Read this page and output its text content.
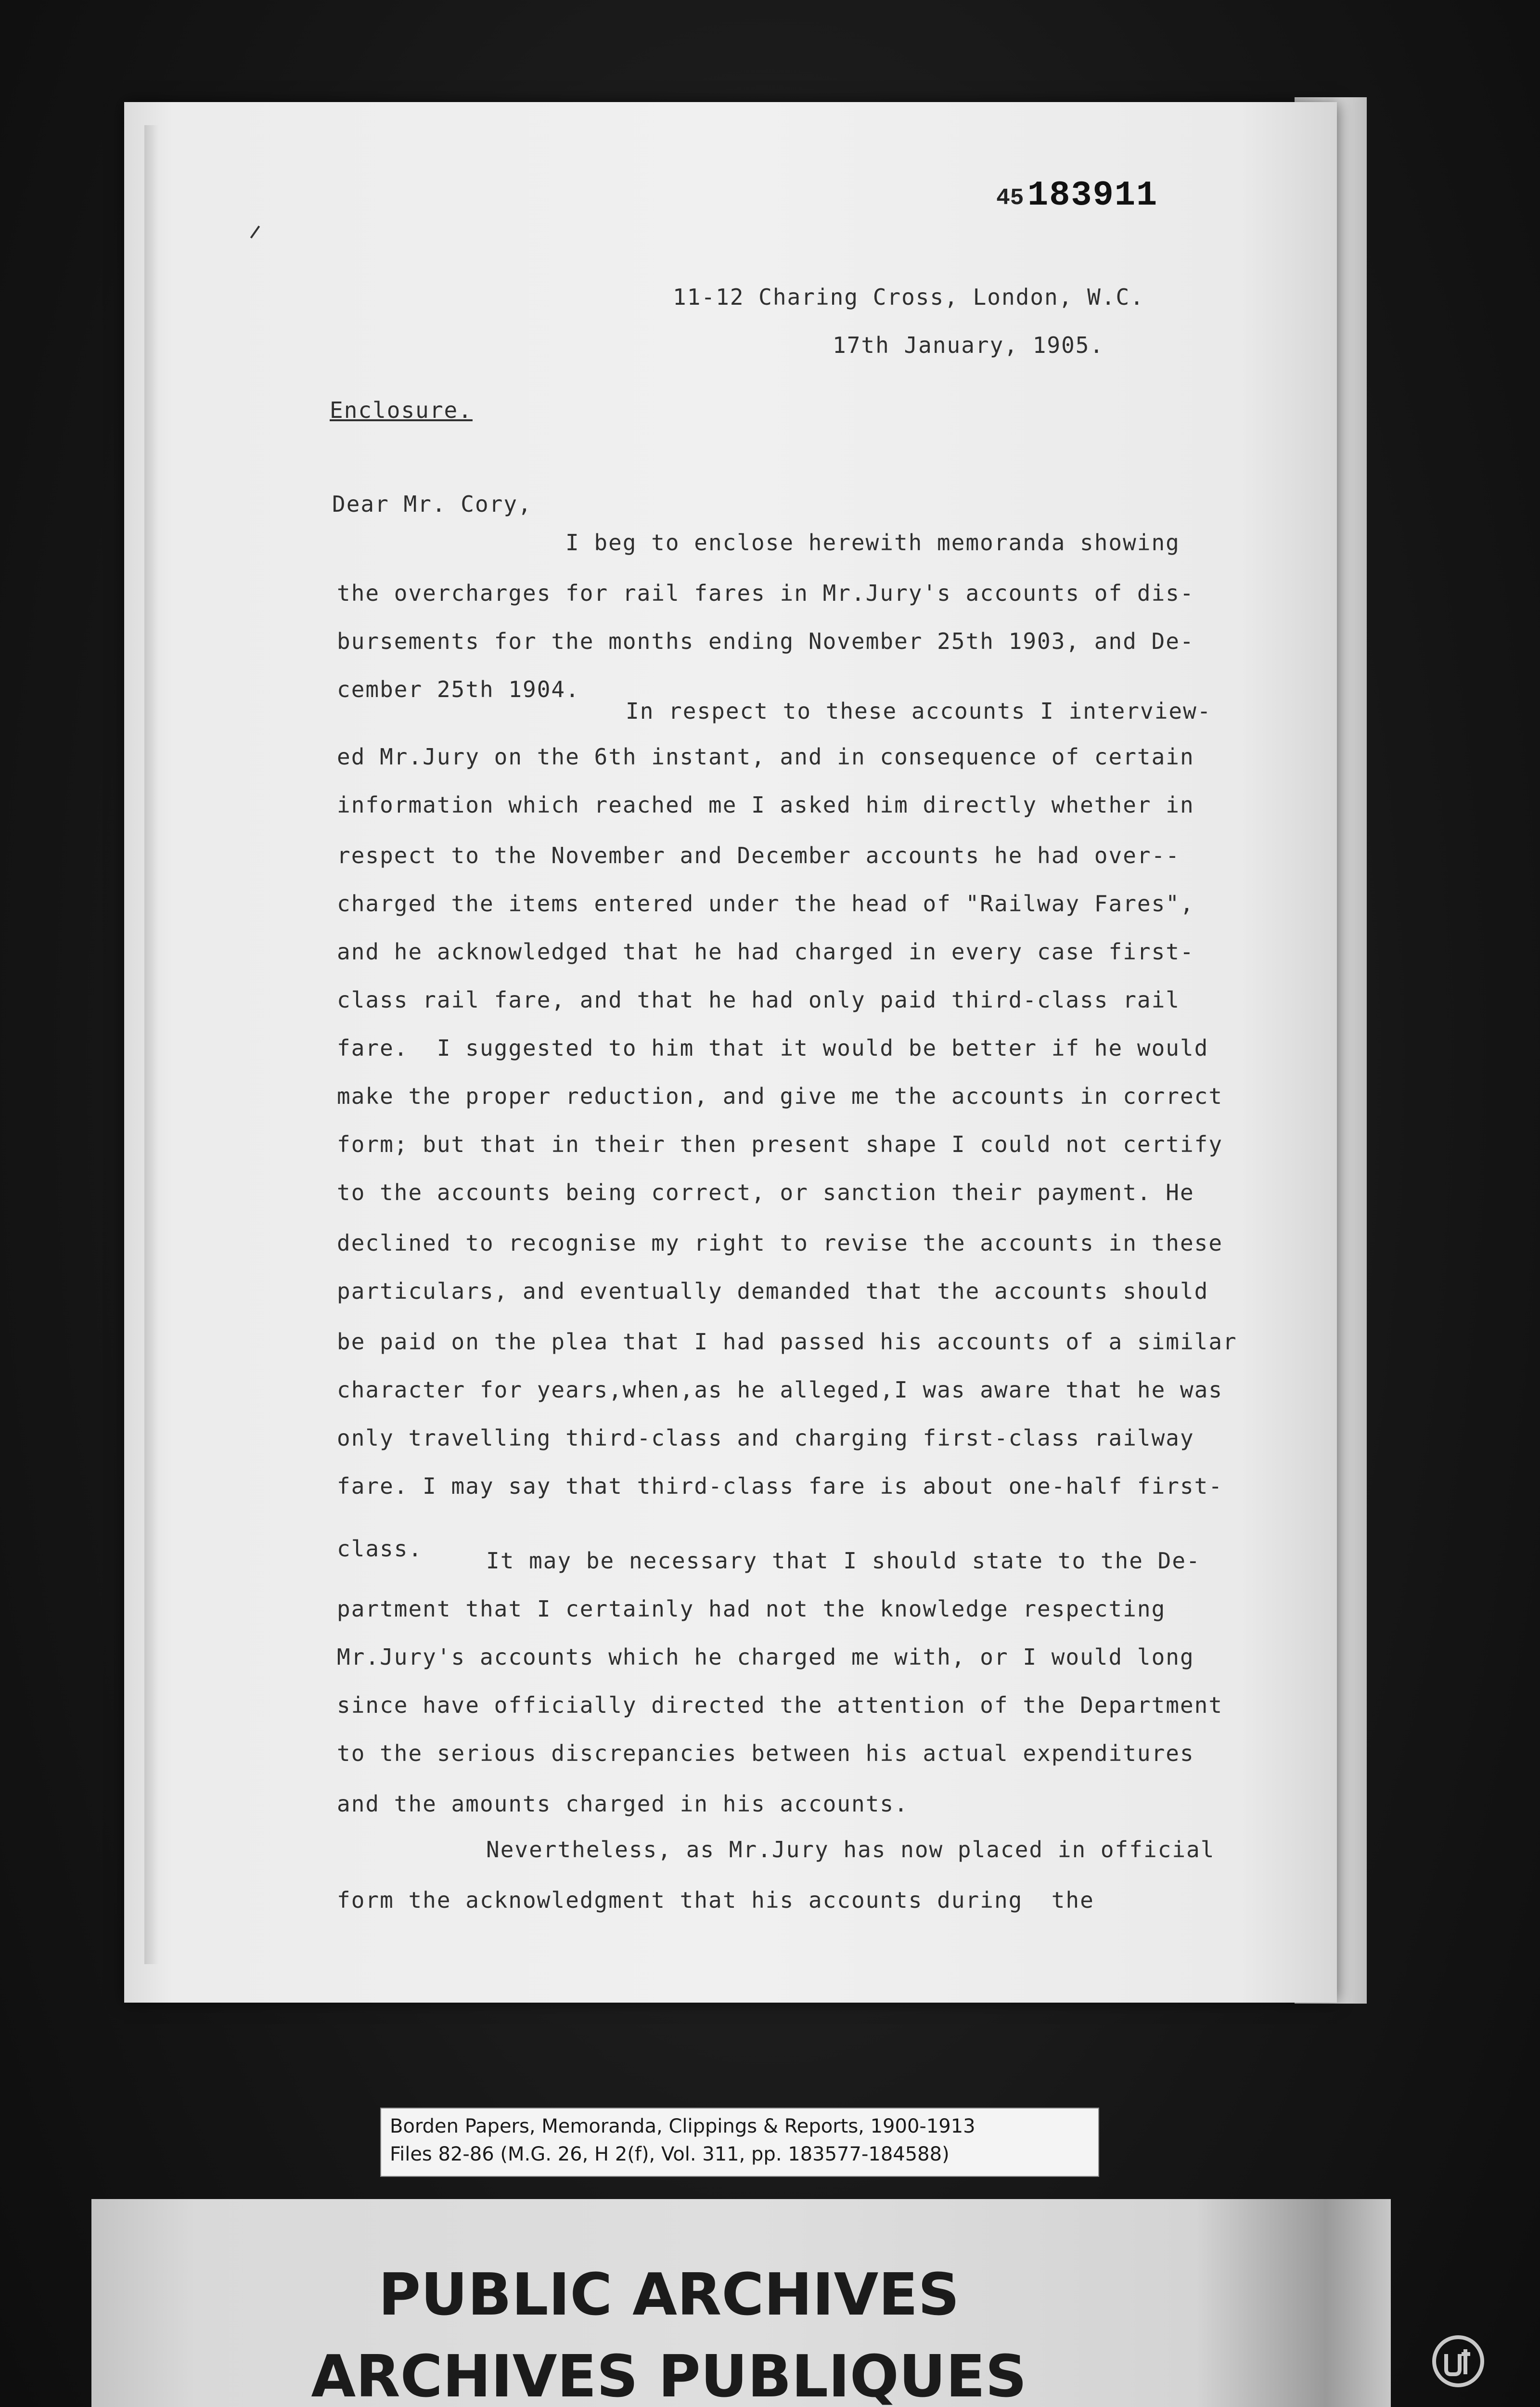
45 183911
11-12 Charing Cross, London, W.C.
17th January, 1905.
Enclosure.
Dear Mr. Cory,
I beg to enclose herewith memoranda showing
the overcharges for rail fares in Mr.Jury's accounts of dis-
bursements for the months ending November 25th 1903, and De-
cember 25th 1904.
In respect to these accounts I interview-
ed Mr.Jury on the 6th instant, and in consequence of certain
information which reached me I asked him directly whether in
respect to the November and December accounts he had over--
charged the items entered under the head of "Railway Fares",
and he acknowledged that he had charged in every case first-
class rail fare, and that he had only paid third-class rail
fare.  I suggested to him that it would be better if he would
make the proper reduction, and give me the accounts in correct
form; but that in their then present shape I could not certify
to the accounts being correct, or sanction their payment. He
declined to recognise my right to revise the accounts in these
particulars, and eventually demanded that the accounts should
be paid on the plea that I had passed his accounts of a similar
character for years,when,as he alleged,I was aware that he was
only travelling third-class and charging first-class railway
fare. I may say that third-class fare is about one-half first-
class.	It may be necessary that I should state to the De-
partment that I certainly had not the knowledge respecting
Mr.Jury's accounts which he charged me with, or I would long
since have officially directed the attention of the Department
to the serious discrepancies between his actual expenditures
and the amounts charged in his accounts.
Nevertheless, as Mr.Jury has now placed in official
form the acknowledgment that his accounts during  the
Borden Papers, Memoranda, Clippings & Reports, 1900-1913
Files 82-86 (M.G. 26, H 2(f), Vol. 311, pp. 183577-184588)
PUBLIC ARCHIVES
ARCHIVES PUBLIQUES
